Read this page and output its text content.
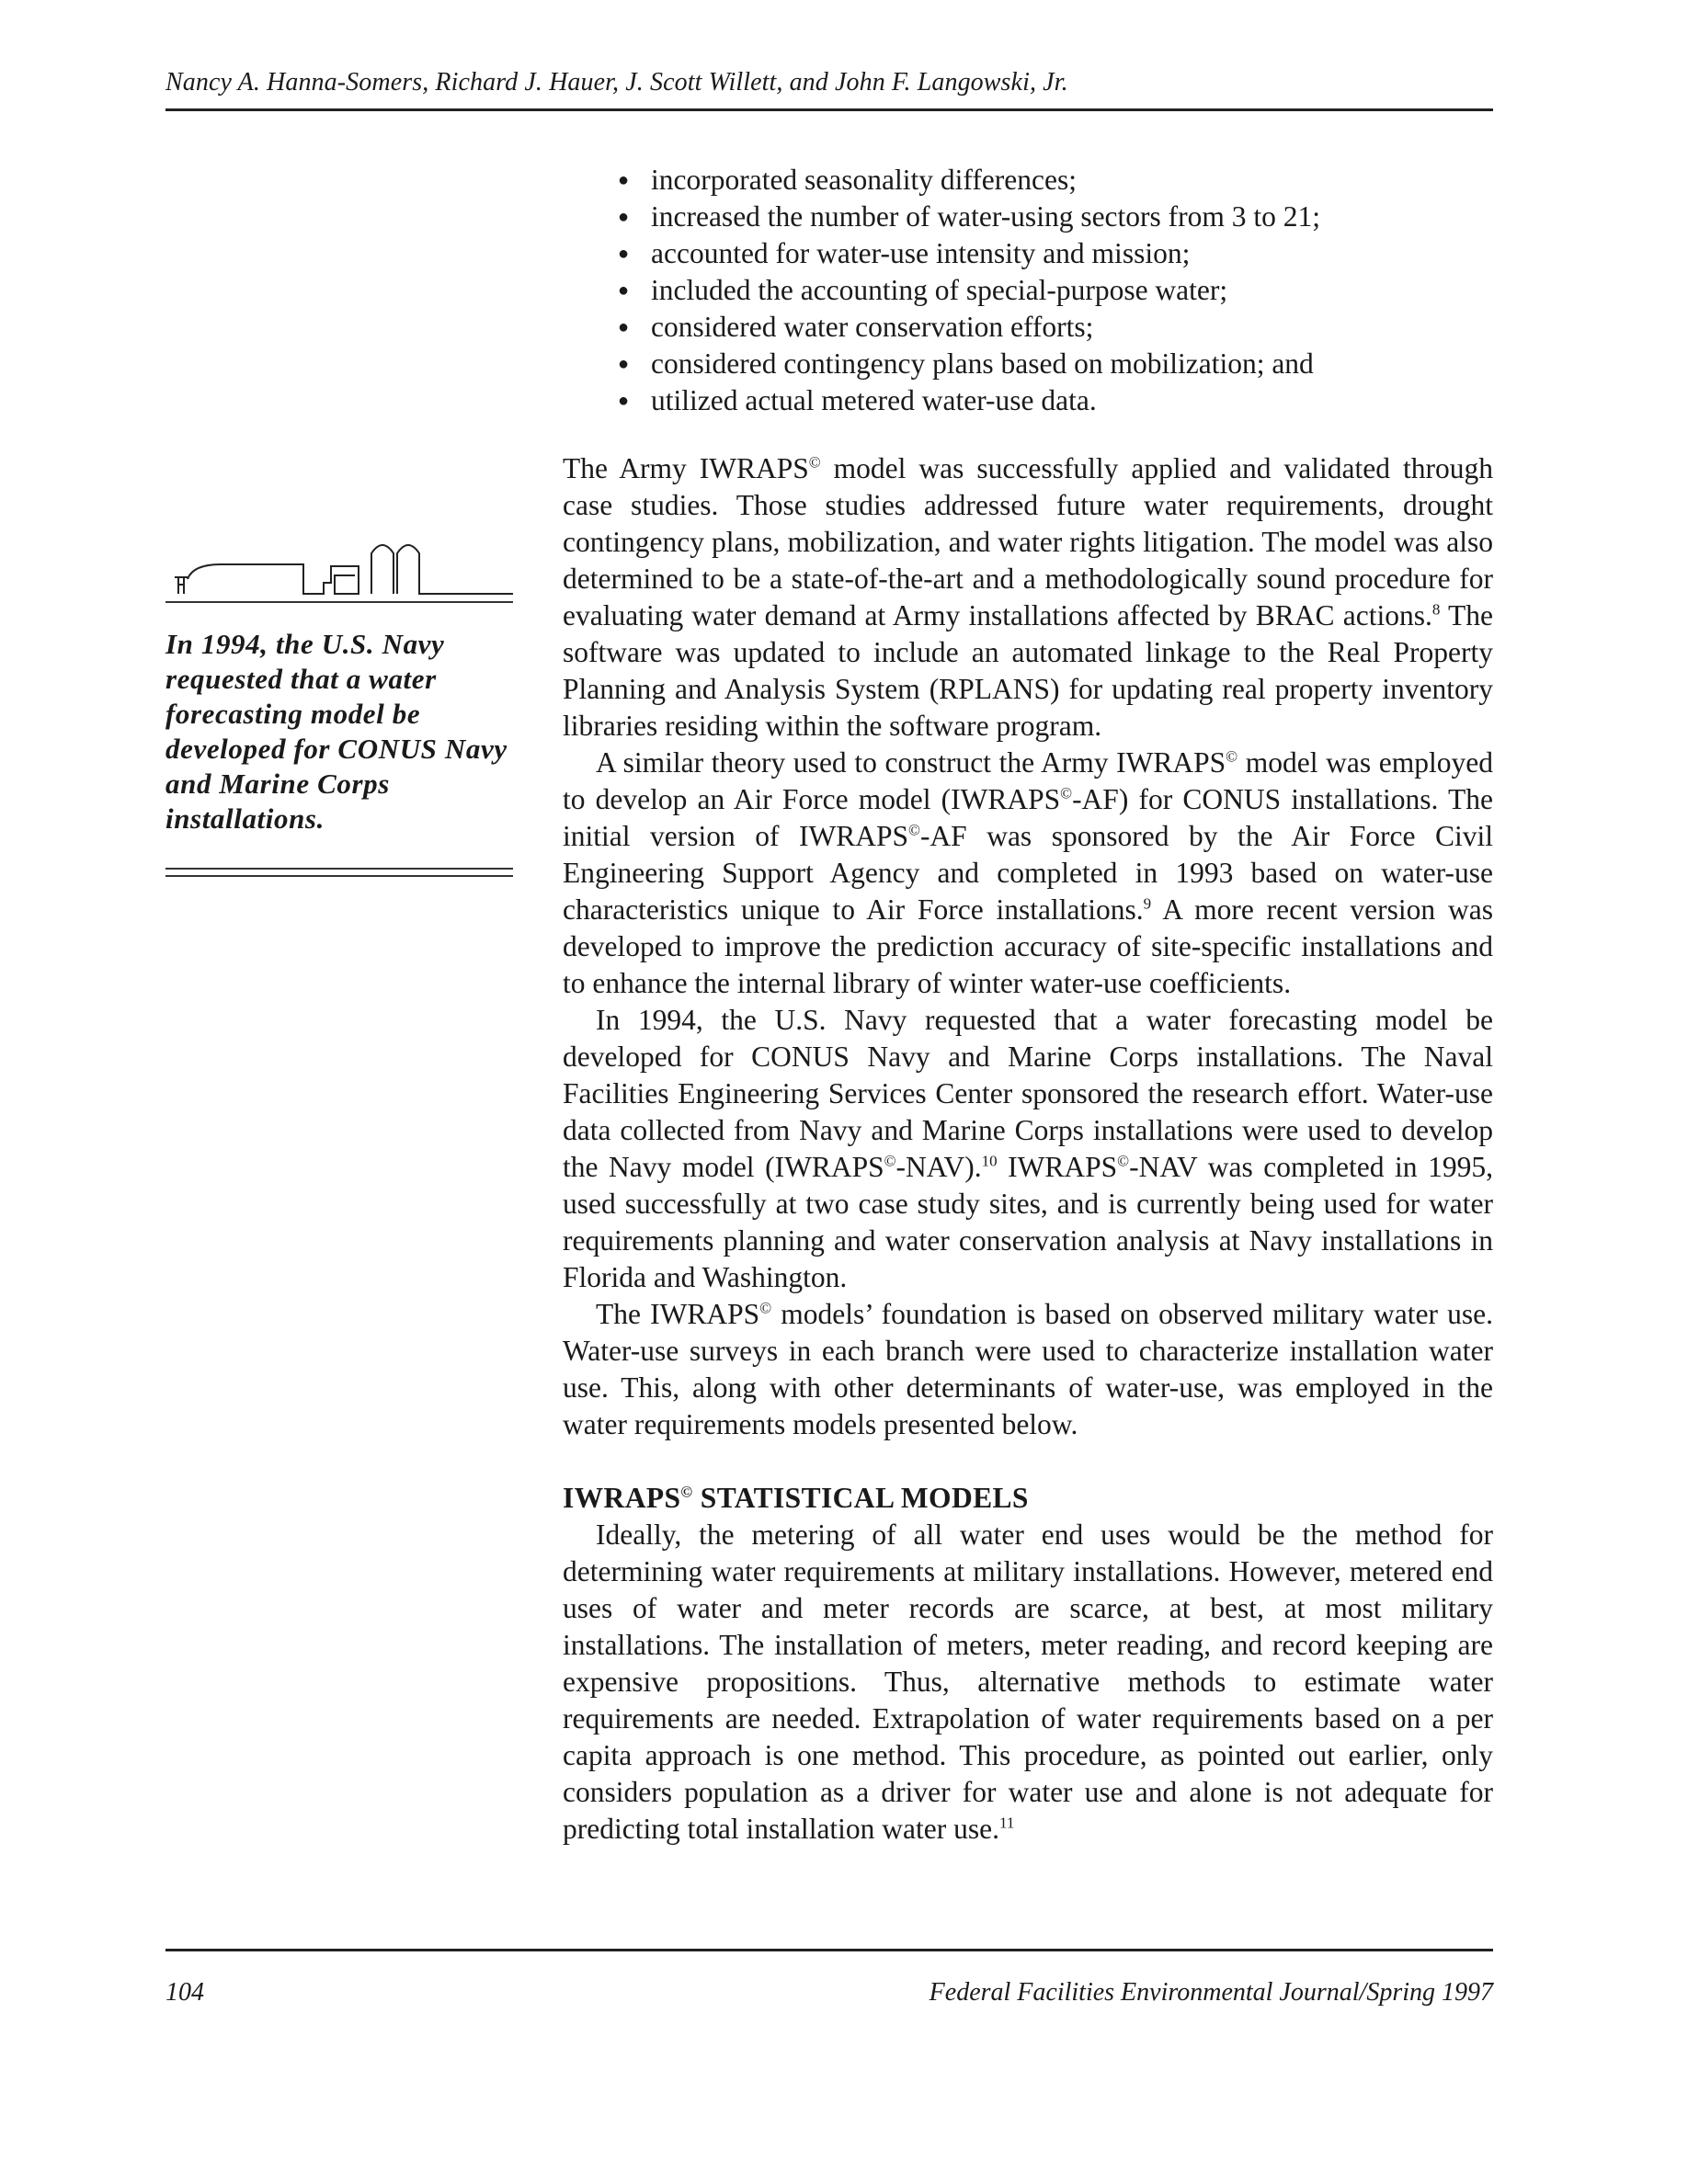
Nancy A. Hanna-Somers, Richard J. Hauer, J. Scott Willett, and John F. Langowski, Jr.
In 1994, the U.S. Navy requested that a water forecasting model be developed for CONUS Navy and Marine Corps installations.
● incorporated seasonality differences;
● increased the number of water-using sectors from 3 to 21;
● accounted for water-use intensity and mission;
● included the accounting of special-purpose water;
● considered water conservation efforts;
● considered contingency plans based on mobilization; and
● utilized actual metered water-use data.

The Army IWRAPS© model was successfully applied and validated through case studies. Those studies addressed future water requirements, drought contingency plans, mobilization, and water rights litigation. The model was also determined to be a state-of-the-art and a methodologically sound procedure for evaluating water demand at Army installations affected by BRAC actions.$^8$ The software was updated to include an automated linkage to the Real Property Planning and Analysis System (RPLANS) for updating real property inventory libraries residing within the software program.

A similar theory used to construct the Army IWRAPS© model was employed to develop an Air Force model (IWRAPS©-AF) for CONUS installations. The initial version of IWRAPS©-AF was sponsored by the Air Force Civil Engineering Support Agency and completed in 1993 based on water-use characteristics unique to Air Force installations.$^9$ A more recent version was developed to improve the prediction accuracy of site-specific installations and to enhance the internal library of winter water-use coefficients.

In 1994, the U.S. Navy requested that a water forecasting model be developed for CONUS Navy and Marine Corps installations. The Naval Facilities Engineering Services Center sponsored the research effort. Water-use data collected from Navy and Marine Corps installations were used to develop the Navy model (IWRAPS©-NAV).$^{10}$ IWRAPS©-NAV was completed in 1995, used successfully at two case study sites, and is currently being used for water requirements planning and water conservation analysis at Navy installations in Florida and Washington.

The IWRAPS© models’ foundation is based on observed military water use. Water-use surveys in each branch were used to characterize installation water use. This, along with other determinants of water-use, was employed in the water requirements models presented below.

IWRAPS© STATISTICAL MODELS

Ideally, the metering of all water end uses would be the method for determining water requirements at military installations. However, metered end uses of water and meter records are scarce, at best, at most military installations. The installation of meters, meter reading, and record keeping are expensive propositions. Thus, alternative methods to estimate water requirements are needed. Extrapolation of water requirements based on a per capita approach is one method. This procedure, as pointed out earlier, only considers population as a driver for water use and alone is not adequate for predicting total installation water use.$^{11}$

104	Federal Facilities Environmental Journal/Spring 1997
